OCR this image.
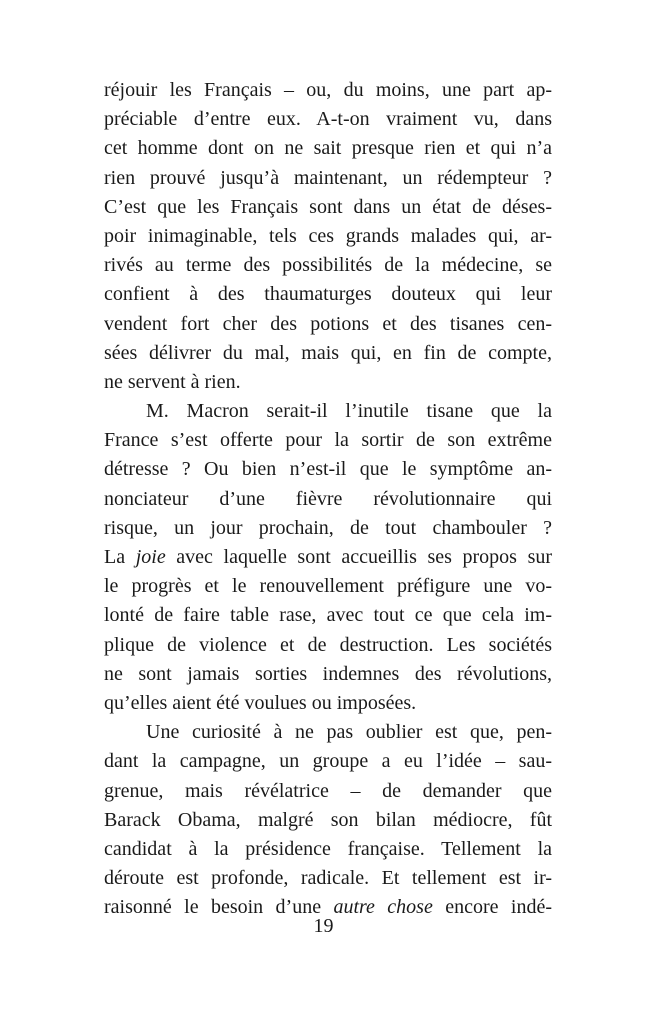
réjouir les Français – ou, du moins, une part ap-
préciable d’entre eux. A-t-on vraiment vu, dans
cet homme dont on ne sait presque rien et qui n’a
rien prouvé jusqu’à maintenant, un rédempteur ?
C’est que les Français sont dans un état de déses-
poir inimaginable, tels ces grands malades qui, ar-
rivés au terme des possibilités de la médecine, se
confient à des thaumaturges douteux qui leur
vendent fort cher des potions et des tisanes cen-
sées délivrer du mal, mais qui, en fin de compte,
ne servent à rien.
M. Macron serait-il l’inutile tisane que la
France s’est offerte pour la sortir de son extrême
détresse ? Ou bien n’est-il que le symptôme an-
nonciateur d’une fièvre révolutionnaire qui
risque, un jour prochain, de tout chambouler ?
La joie avec laquelle sont accueillis ses propos sur
le progrès et le renouvellement préfigure une vo-
lonté de faire table rase, avec tout ce que cela im-
plique de violence et de destruction. Les sociétés
ne sont jamais sorties indemnes des révolutions,
qu’elles aient été voulues ou imposées.
Une curiosité à ne pas oublier est que, pen-
dant la campagne, un groupe a eu l’idée – sau-
grenue, mais révélatrice – de demander que
Barack Obama, malgré son bilan médiocre, fût
candidat à la présidence française. Tellement la
déroute est profonde, radicale. Et tellement est ir-
raisonné le besoin d’une autre chose encore indé-
19
